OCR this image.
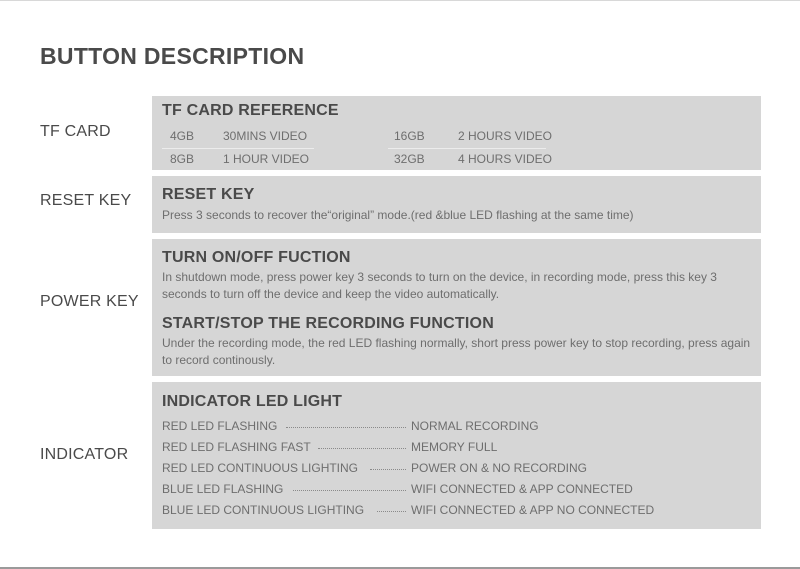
BUTTON DESCRIPTION
TF CARD
TF CARD REFERENCE
4GB 30MINS VIDEO	16GB	2 HOURS VIDEO
8GB 1 HOUR VIDEO	32GB	4 HOURS VIDEO
RESET KEY RESET KEY
Press 3 seconds to recover the“original” mode.(red &blue LED flashing at the same time)
POWER KEY
TURN ON/OFF FUCTION
In shutdown mode, press power key 3 seconds to turn on the device, in recording mode, press this key 3 seconds to turn off the device and keep the video automatically.
START/STOP THE RECORDING FUNCTION
Under the recording mode, the red LED flashing normally, short press power key to stop recording, press again to record continously.
INDICATOR
INDICATOR LED LIGHT
RED LED FLASHING	NORMAL RECORDING
RED LED FLASHING FAST	MEMORY FULL
RED LED CONTINUOUS LIGHTING	POWER ON & NO RECORDING
BLUE LED FLASHING	WIFI CONNECTED & APP CONNECTED
BLUE LED CONTINUOUS LIGHTING	WIFI CONNECTED & APP NO CONNECTED
